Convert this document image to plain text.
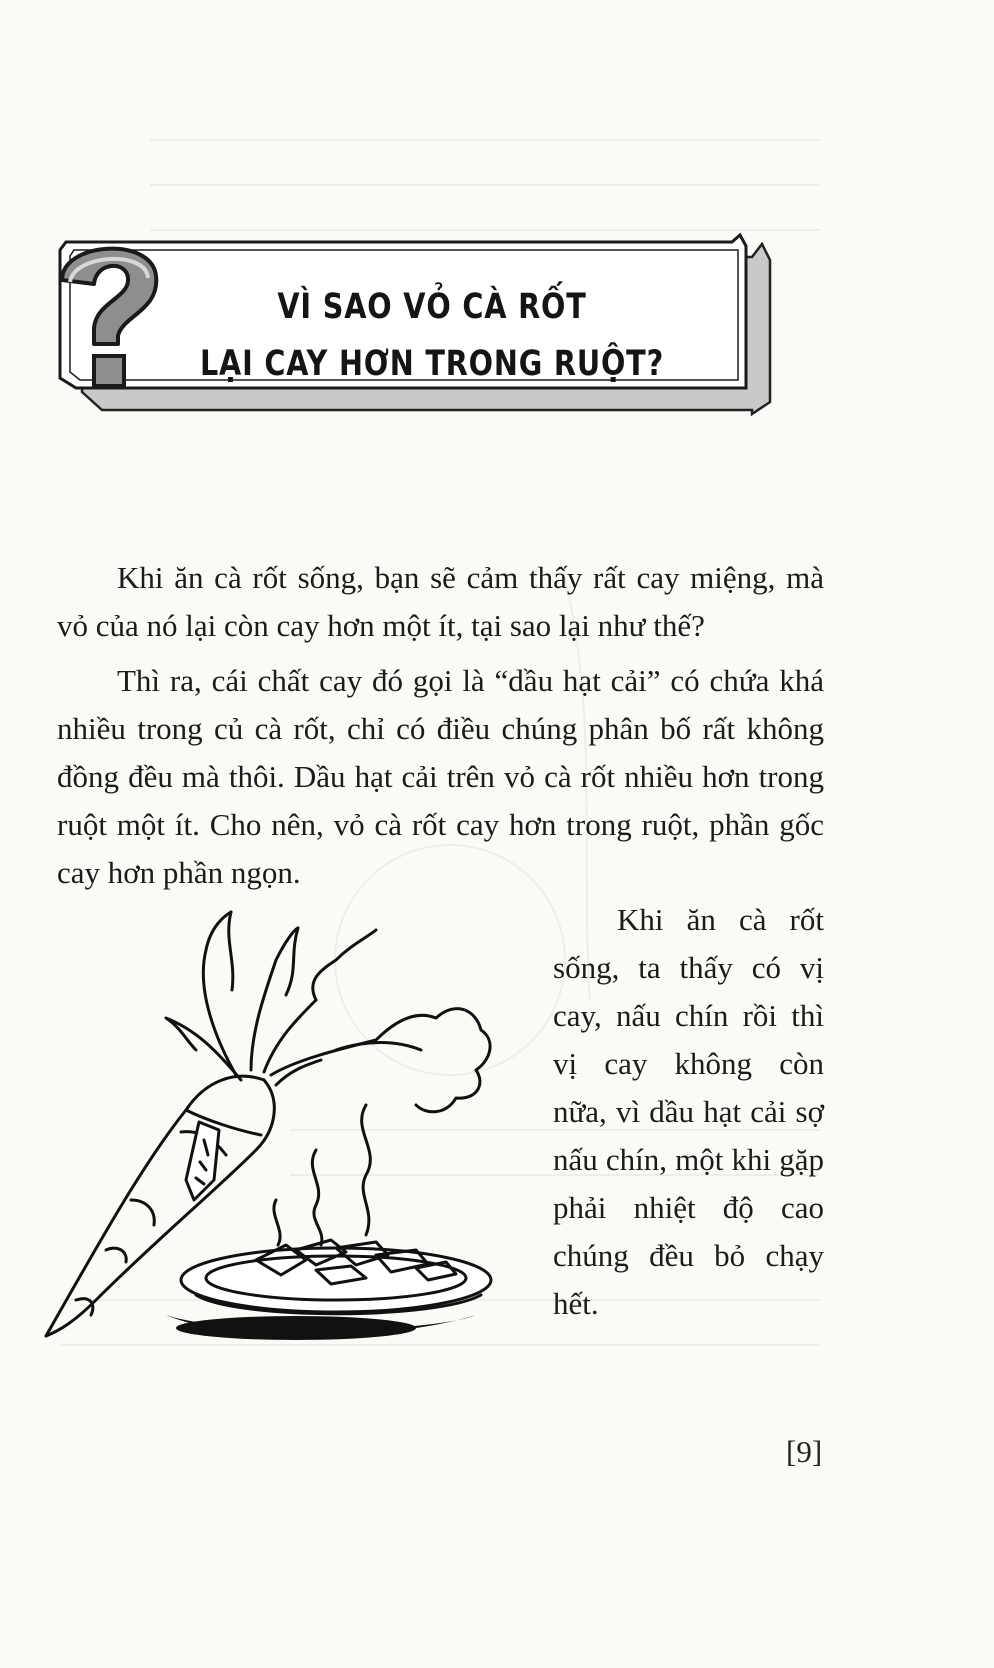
VÌ SAO VỎ CÀ RỐT
LẠI CAY HƠN TRONG RUỘT?

Khi ăn cà rốt sống, bạn sẽ cảm thấy rất cay miệng, mà vỏ của nó lại còn cay hơn một ít, tại sao lại như thế?

Thì ra, cái chất cay đó gọi là “dầu hạt cải” có chứa khá nhiều trong củ cà rốt, chỉ có điều chúng phân bố rất không đồng đều mà thôi. Dầu hạt cải trên vỏ cà rốt nhiều hơn trong ruột một ít. Cho nên, vỏ cà rốt cay hơn trong ruột, phần gốc cay hơn phần ngọn.

Khi ăn cà rốt sống, ta thấy có vị cay, nấu chín rồi thì vị cay không còn nữa, vì dầu hạt cải sợ nấu chín, một khi gặp phải nhiệt độ cao chúng đều bỏ chạy hết.

[9]
